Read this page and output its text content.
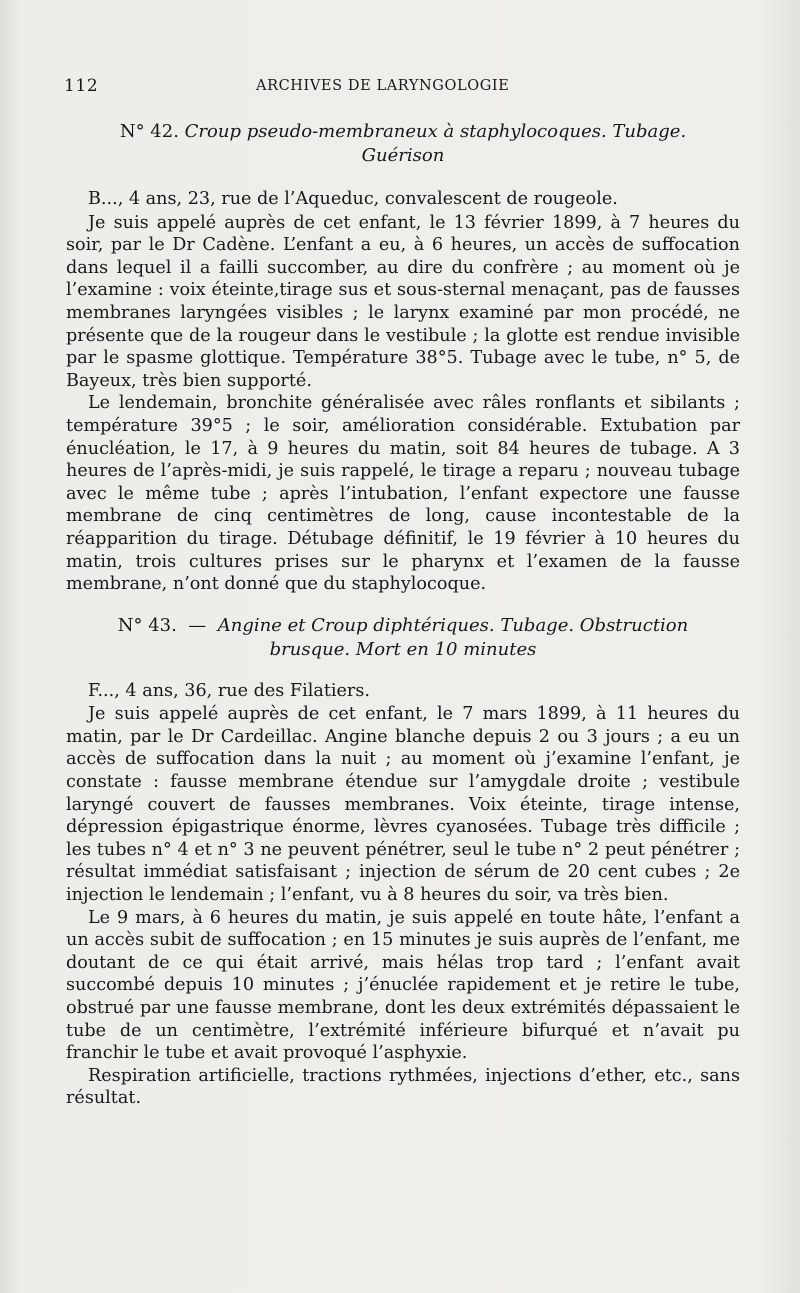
112	ARCHIVES DE LARYNGOLOGIE
N° 42. Croup pseudo-membraneux à staphylocoques. Tubage.
Guérison

B..., 4 ans, 23, rue de l’Aqueduc, convalescent de rougeole.

Je suis appelé auprès de cet enfant, le 13 février 1899, à 7 heures du soir, par le Dr Cadène. L’enfant a eu, à 6 heures, un accès de suffocation dans lequel il a failli succomber, au dire du confrère ; au moment où je l’examine : voix éteinte,tirage sus et sous-sternal menaçant, pas de fausses membranes laryngées visibles ; le larynx examiné par mon procédé, ne présente que de la rougeur dans le vestibule ; la glotte est rendue invisible par le spasme glottique. Température 38°5. Tubage avec le tube, n° 5, de Bayeux, très bien supporté.

Le lendemain, bronchite généralisée avec râles ronflants et sibilants ; température 39°5 ; le soir, amélioration considérable. Extubation par énucléation, le 17, à 9 heures du matin, soit 84 heures de tubage. A 3 heures de l’après-midi, je suis rappelé, le tirage a reparu ; nouveau tubage avec le même tube ; après l’intubation, l’enfant expectore une fausse membrane de cinq centimètres de long, cause incontestable de la réapparition du tirage. Détubage définitif, le 19 février à 10 heures du matin, trois cultures prises sur le pharynx et l’examen de la fausse membrane, n’ont donné que du staphylocoque.

N° 43.  —  Angine et Croup diphtériques. Tubage. Obstruction
brusque. Mort en 10 minutes

F..., 4 ans, 36, rue des Filatiers.

Je suis appelé auprès de cet enfant, le 7 mars 1899, à 11 heures du matin, par le Dr Cardeillac. Angine blanche depuis 2 ou 3 jours ; a eu un accès de suffocation dans la nuit ; au moment où j’examine l’enfant, je constate : fausse membrane étendue sur l’amygdale droite ; vestibule laryngé couvert de fausses membranes. Voix éteinte, tirage intense, dépression épigastrique énorme, lèvres cyanosées. Tubage très difficile ; les tubes n° 4 et n° 3 ne peuvent pénétrer, seul le tube n° 2 peut pénétrer ; résultat immédiat satisfaisant ; injection de sérum de 20 cent cubes ; 2e injection le lendemain ; l’enfant, vu à 8 heures du soir, va très bien.

Le 9 mars, à 6 heures du matin, je suis appelé en toute hâte, l’enfant a un accès subit de suffocation ; en 15 minutes je suis auprès de l’enfant, me doutant de ce qui était arrivé, mais hélas trop tard ; l’enfant avait succombé depuis 10 minutes ; j’énuclée rapidement et je retire le tube, obstrué par une fausse membrane, dont les deux extrémités dépassaient le tube de un centimètre, l’extrémité inférieure bifurqué et n’avait pu franchir le tube et avait provoqué l’asphyxie.

Respiration artificielle, tractions rythmées, injections d’ether, etc., sans résultat.
